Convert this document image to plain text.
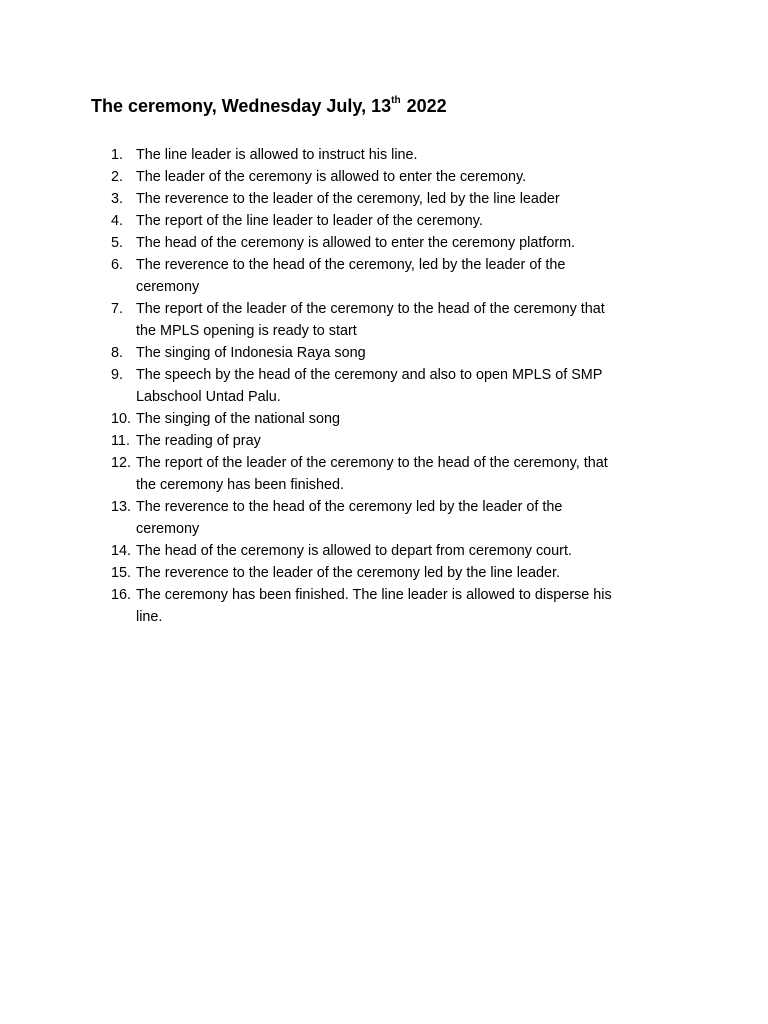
The ceremony, Wednesday July, 13th 2022
1. The line leader is allowed to instruct his line.
2. The leader of the ceremony is allowed to enter the ceremony.
3. The reverence to the leader of the ceremony, led by the line leader
4. The report of the line leader to leader of the ceremony.
5. The head of the ceremony is allowed to enter the ceremony platform.
6. The reverence to the head of the ceremony, led by the leader of the
ceremony
7. The report of the leader of the ceremony to the head of the ceremony that
the MPLS opening is ready to start
8. The singing of Indonesia Raya song
9. The speech by the head of the ceremony and also to open MPLS of SMP
Labschool Untad Palu.
10. The singing of the national song
11. The reading of pray
12. The report of the leader of the ceremony to the head of the ceremony, that
the ceremony has been finished.
13. The reverence to the head of the ceremony led by the leader of the
ceremony
14. The head of the ceremony is allowed to depart from ceremony court.
15. The reverence to the leader of the ceremony led by the line leader.
16. The ceremony has been finished. The line leader is allowed to disperse his
line.
